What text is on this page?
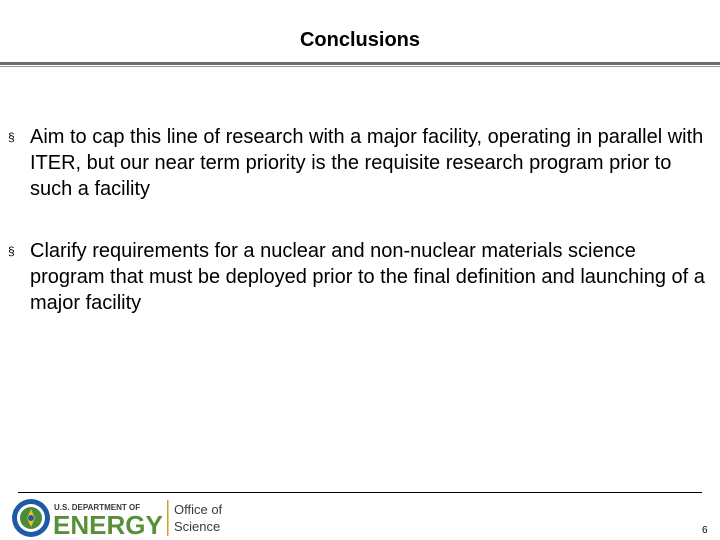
Conclusions
§ Aim to cap this line of research with a major facility, operating in parallel with ITER, but our near term priority is the requisite research program prior to such a facility
§ Clarify requirements for a nuclear and non-nuclear materials science program that must be deployed prior to the final definition and launching of a major facility
U.S. DEPARTMENT OF
ENERGY
Office of
Science	6
